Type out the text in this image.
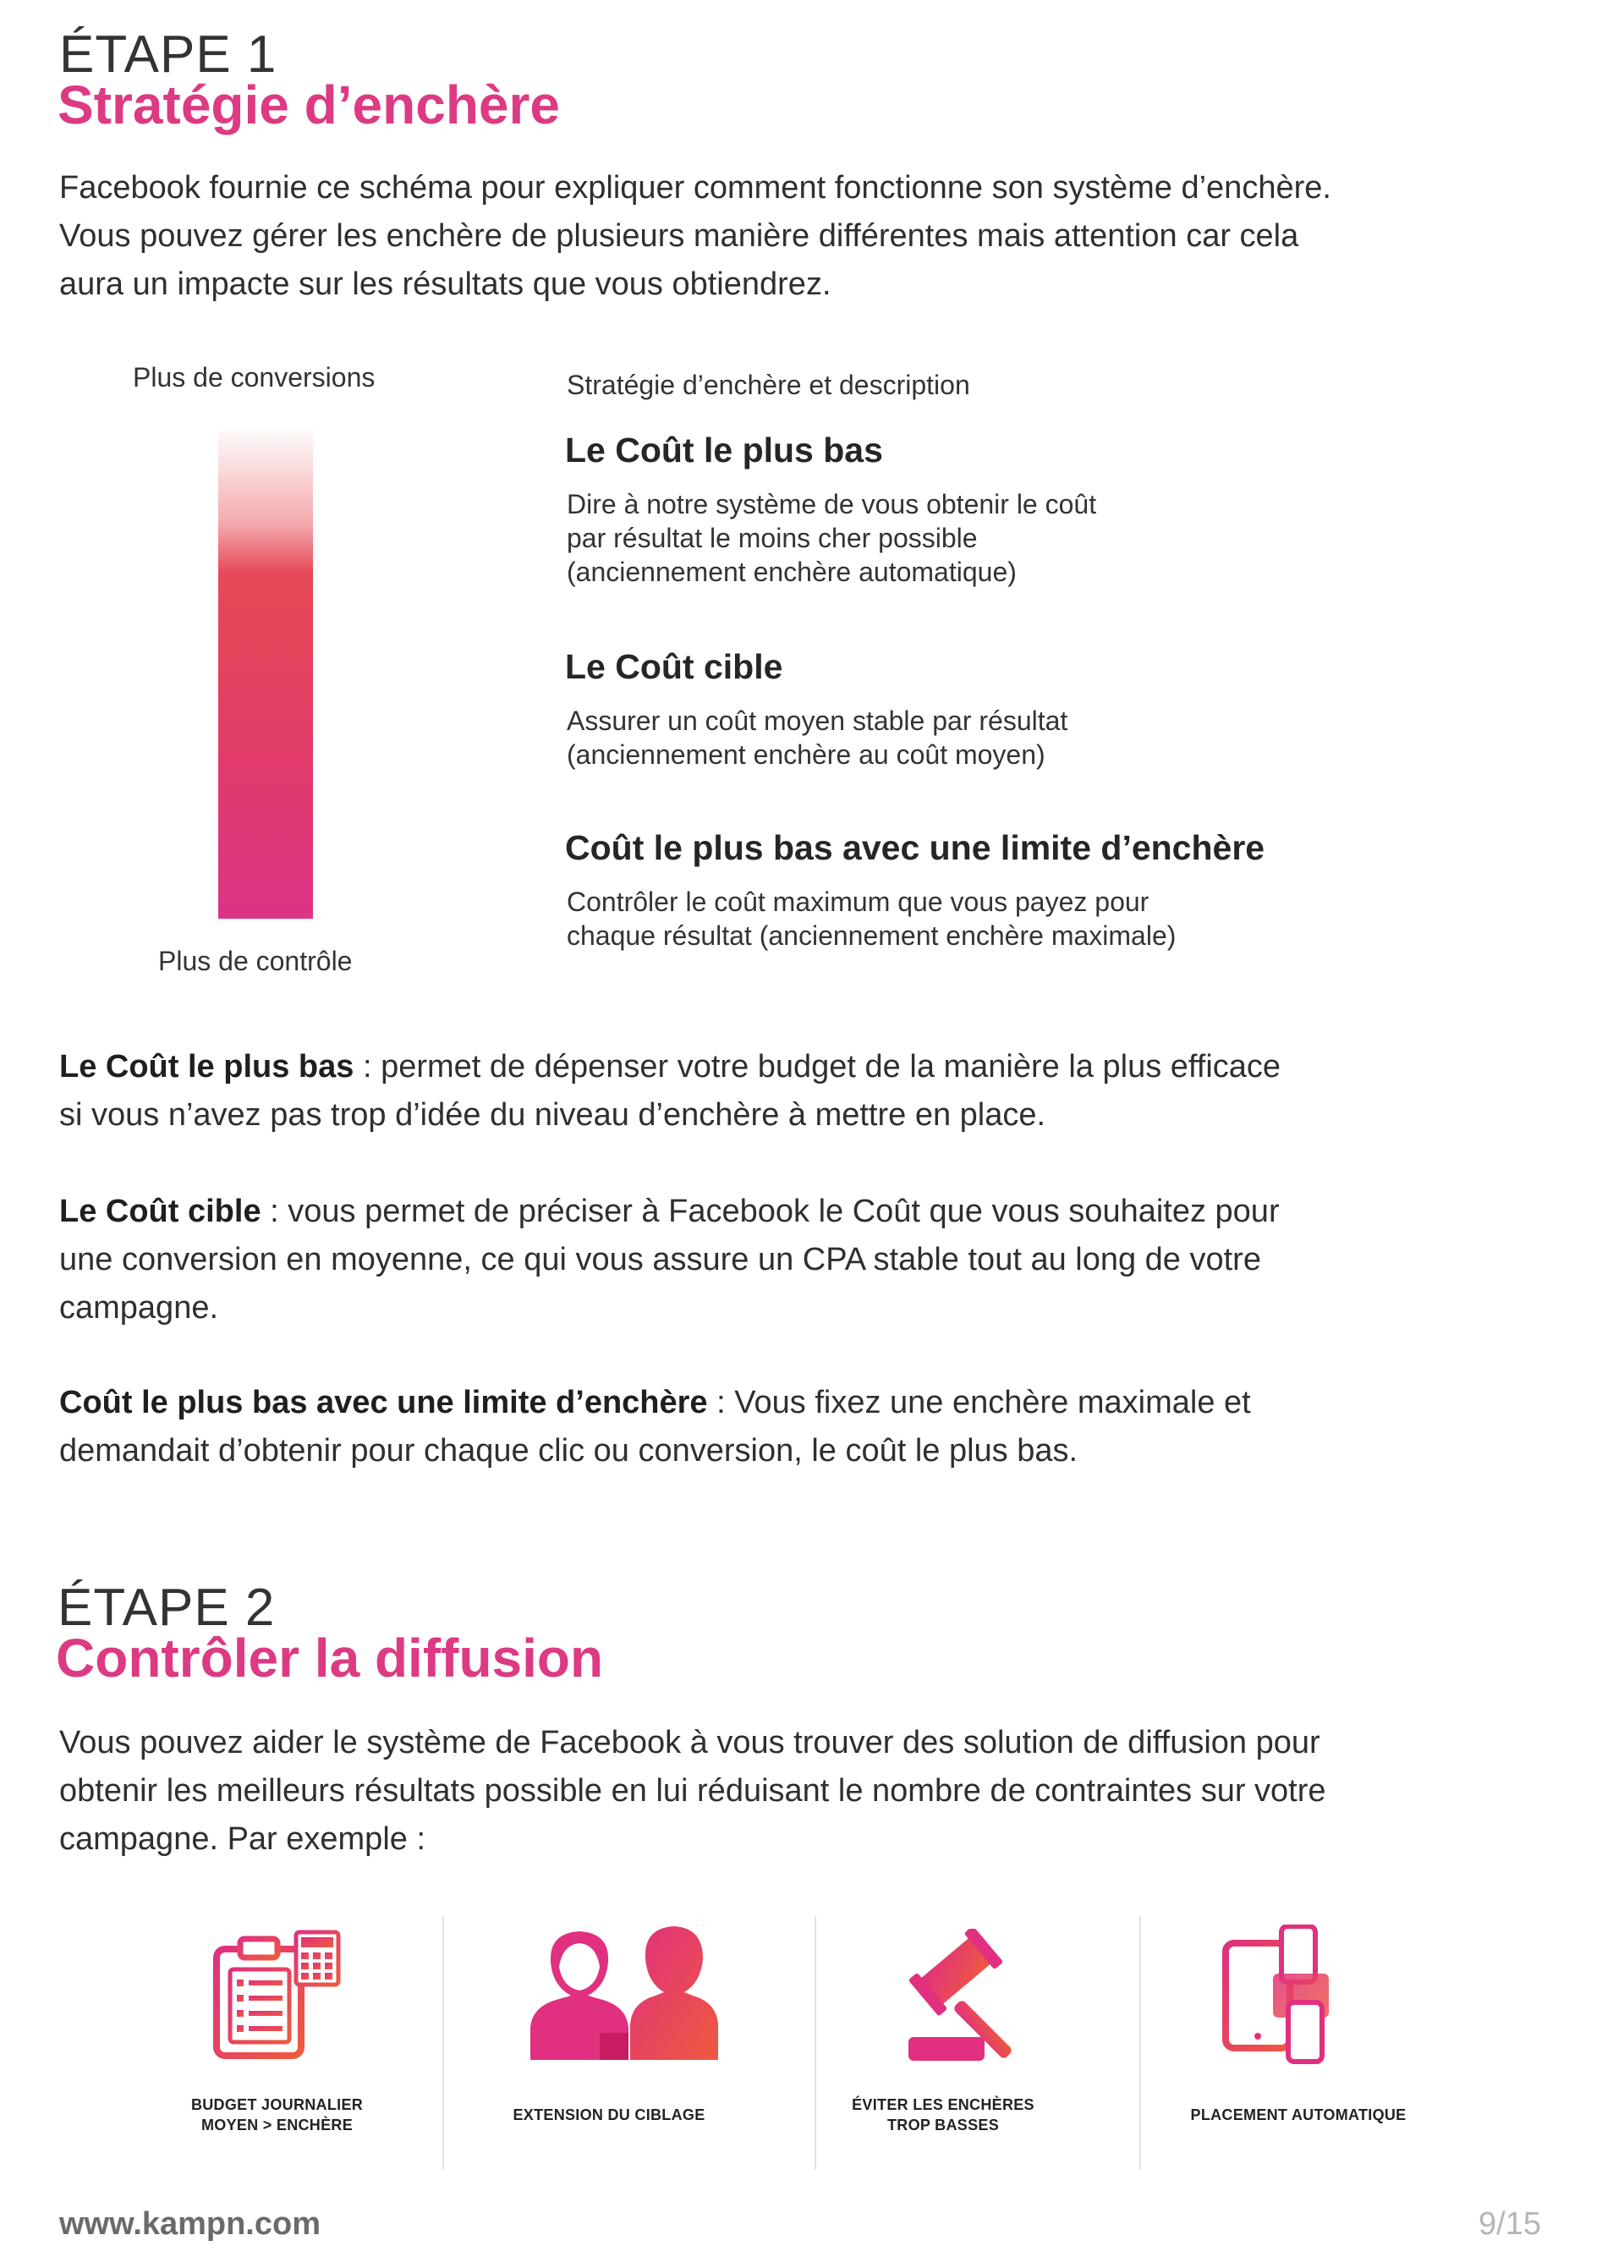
ÉTAPE 1
Stratégie d’enchère
Facebook fournie ce schéma pour expliquer comment fonctionne son système d’enchère.
Vous pouvez gérer les enchère de plusieurs manière différentes mais attention car cela
aura un impacte sur les résultats que vous obtiendrez.
Plus de conversions
Plus de contrôle
Stratégie d’enchère et description
Le Coût le plus bas
Dire à notre système de vous obtenir le coût
par résultat le moins cher possible
(anciennement enchère automatique)
Le Coût cible
Assurer un coût moyen stable par résultat
(anciennement enchère au coût moyen)
Coût le plus bas avec une limite d’enchère
Contrôler le coût maximum que vous payez pour
chaque résultat (anciennement enchère maximale)
Le Coût le plus bas : permet de dépenser votre budget de la manière la plus efficace
si vous n’avez pas trop d’idée du niveau d’enchère à mettre en place.
Le Coût cible : vous permet de préciser à Facebook le Coût que vous souhaitez pour
une conversion en moyenne, ce qui vous assure un CPA stable tout au long de votre
campagne.
Coût le plus bas avec une limite d’enchère : Vous fixez une enchère maximale et
demandait d’obtenir pour chaque clic ou conversion, le coût le plus bas.
ÉTAPE 2
Contrôler la diffusion
Vous pouvez aider le système de Facebook à vous trouver des solution de diffusion pour
obtenir les meilleurs résultats possible en lui réduisant le nombre de contraintes sur votre
campagne. Par exemple :
BUDGET JOURNALIER
MOYEN > ENCHÈRE
EXTENSION DU CIBLAGE
ÉVITER LES ENCHÈRES
TROP BASSES
PLACEMENT AUTOMATIQUE
www.kampn.com	9/15
